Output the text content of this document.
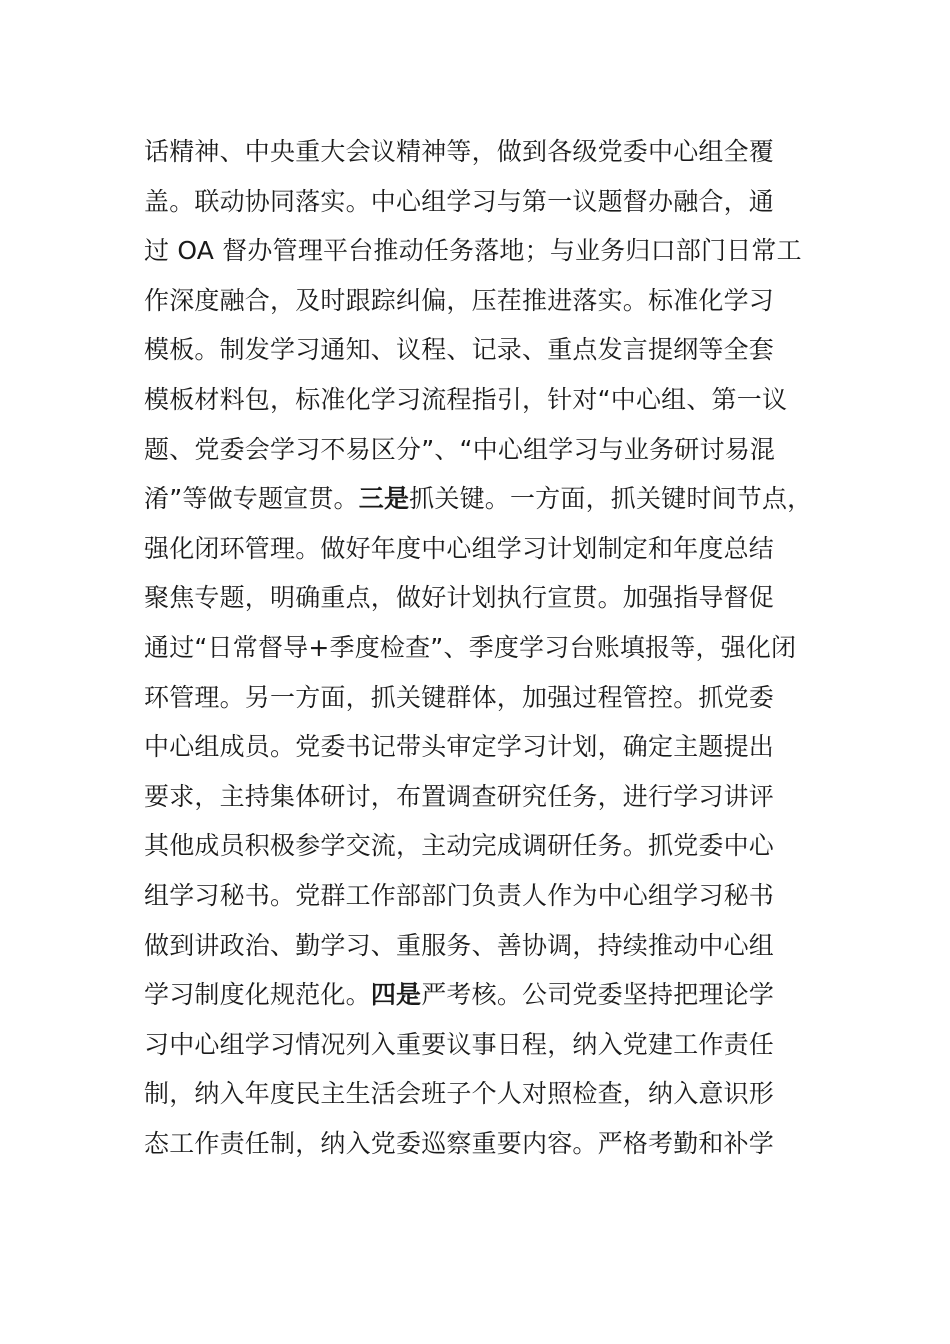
话精神、中央重大会议精神等，做到各级党委中心组全覆
盖。联动协同落实。中心组学习与第一议题督办融合，通
过 OA 督办管理平台推动任务落地；与业务归口部门日常工
作深度融合，及时跟踪纠偏，压茬推进落实。标准化学习
模板。制发学习通知、议程、记录、重点发言提纲等全套
模板材料包，标准化学习流程指引，针对“中心组、第一议
题、党委会学习不易区分”、“中心组学习与业务研讨易混
淆”等做专题宣贯。三是抓关键。一方面，抓关键时间节点，
强化闭环管理。做好年度中心组学习计划制定和年度总结
聚焦专题，明确重点，做好计划执行宣贯。加强指导督促
通过“日常督导+季度检查”、季度学习台账填报等，强化闭
环管理。另一方面，抓关键群体，加强过程管控。抓党委
中心组成员。党委书记带头审定学习计划，确定主题提出
要求，主持集体研讨，布置调查研究任务，进行学习讲评
其他成员积极参学交流，主动完成调研任务。抓党委中心
组学习秘书。党群工作部部门负责人作为中心组学习秘书
做到讲政治、勤学习、重服务、善协调，持续推动中心组
学习制度化规范化。四是严考核。公司党委坚持把理论学
习中心组学习情况列入重要议事日程，纳入党建工作责任
制，纳入年度民主生活会班子个人对照检查，纳入意识形
态工作责任制，纳入党委巡察重要内容。严格考勤和补学
